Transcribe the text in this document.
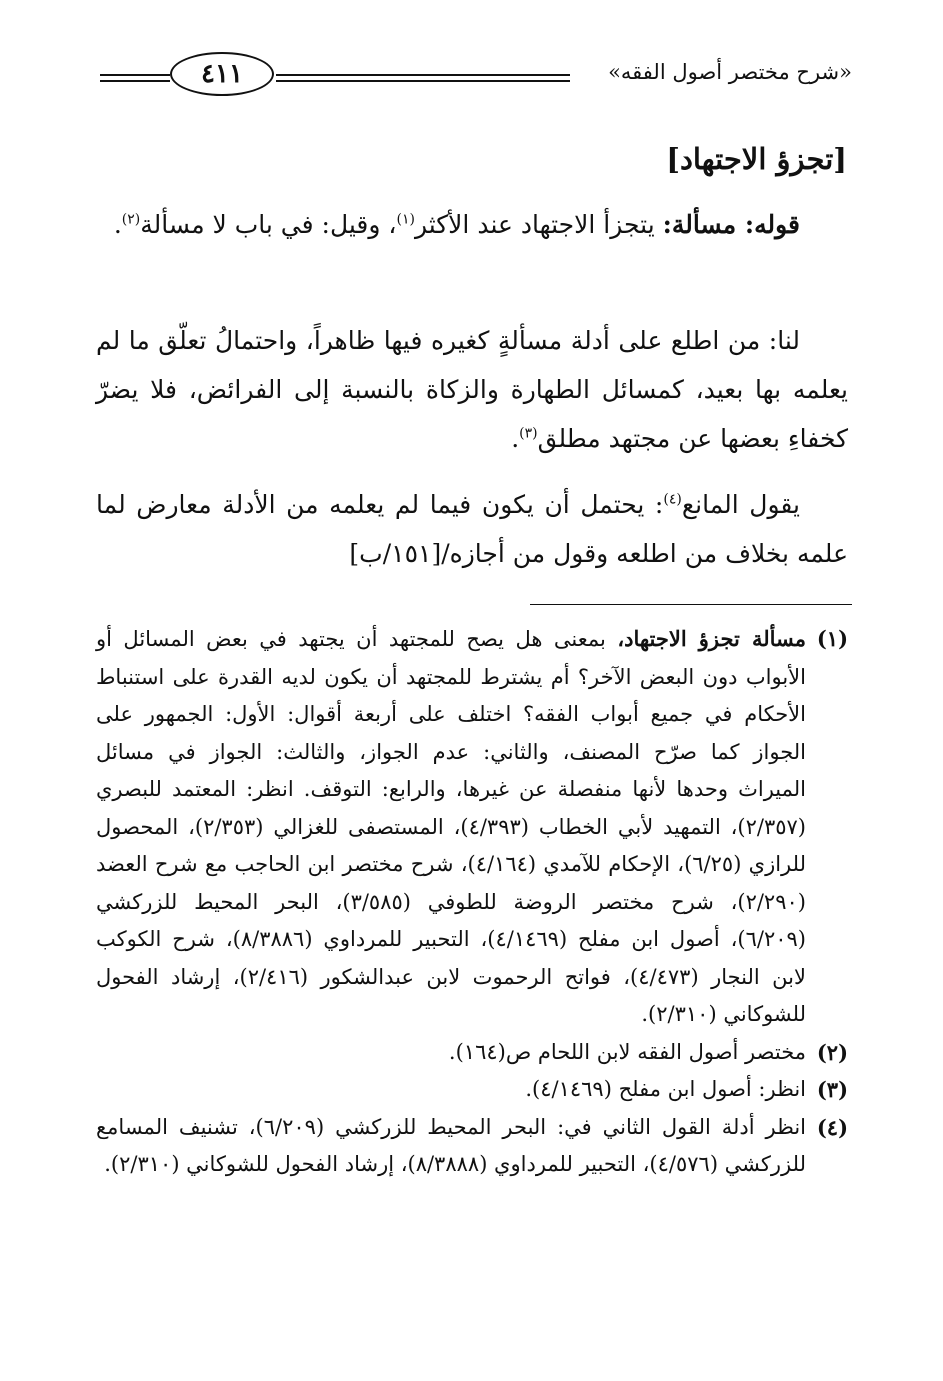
«شرح مختصر أصول الفقه»
٤١١
[تجزؤ الاجتهاد]
قوله: مسألة: يتجزأ الاجتهاد عند الأكثر$^{(١)}$، وقيل: في باب لا مسألة$^{(٢)}$.
لنا: من اطلع على أدلة مسألةٍ كغيره فيها ظاهراً، واحتمالُ تعلّق ما لم يعلمه بها بعيد، كمسائل الطهارة والزكاة بالنسبة إلى الفرائض، فلا يضرّ كخفاءِ بعضها عن مجتهد مطلق$^{(٣)}$.
يقول المانع$^{(٤)}$: يحتمل أن يكون فيما لم يعلمه من الأدلة معارض لما علمه بخلاف من اطلعه وقول من أجازه/[١٥١/ب]
(١)
مسألة تجزؤ الاجتهاد، بمعنى هل يصح للمجتهد أن يجتهد في بعض المسائل أو الأبواب دون البعض الآخر؟ أم يشترط للمجتهد أن يكون لديه القدرة على استنباط الأحكام في جميع أبواب الفقه؟ اختلف على أربعة أقوال: الأول: الجمهور على الجواز كما صرّح المصنف، والثاني: عدم الجواز، والثالث: الجواز في مسائل الميراث وحدها لأنها منفصلة عن غيرها، والرابع: التوقف. انظر: المعتمد للبصري (٢/٣٥٧)، التمهيد لأبي الخطاب (٤/٣٩٣)، المستصفى للغزالي (٢/٣٥٣)، المحصول للرازي (٦/٢٥)، الإحكام للآمدي (٤/١٦٤)، شرح مختصر ابن الحاجب مع شرح العضد (٢/٢٩٠)، شرح مختصر الروضة للطوفي (٣/٥٨٥)، البحر المحيط للزركشي (٦/٢٠٩)، أصول ابن مفلح (٤/١٤٦٩)، التحبير للمرداوي (٨/٣٨٨٦)، شرح الكوكب لابن النجار (٤/٤٧٣)، فواتح الرحموت لابن عبدالشكور (٢/٤١٦)، إرشاد الفحول للشوكاني (٢/٣١٠).
(٢)
مختصر أصول الفقه لابن اللحام ص(١٦٤).
(٣)
انظر: أصول ابن مفلح (٤/١٤٦٩).
(٤)
انظر أدلة القول الثاني في: البحر المحيط للزركشي (٦/٢٠٩)، تشنيف المسامع للزركشي (٤/٥٧٦)، التحبير للمرداوي (٨/٣٨٨٨)، إرشاد الفحول للشوكاني (٢/٣١٠).
